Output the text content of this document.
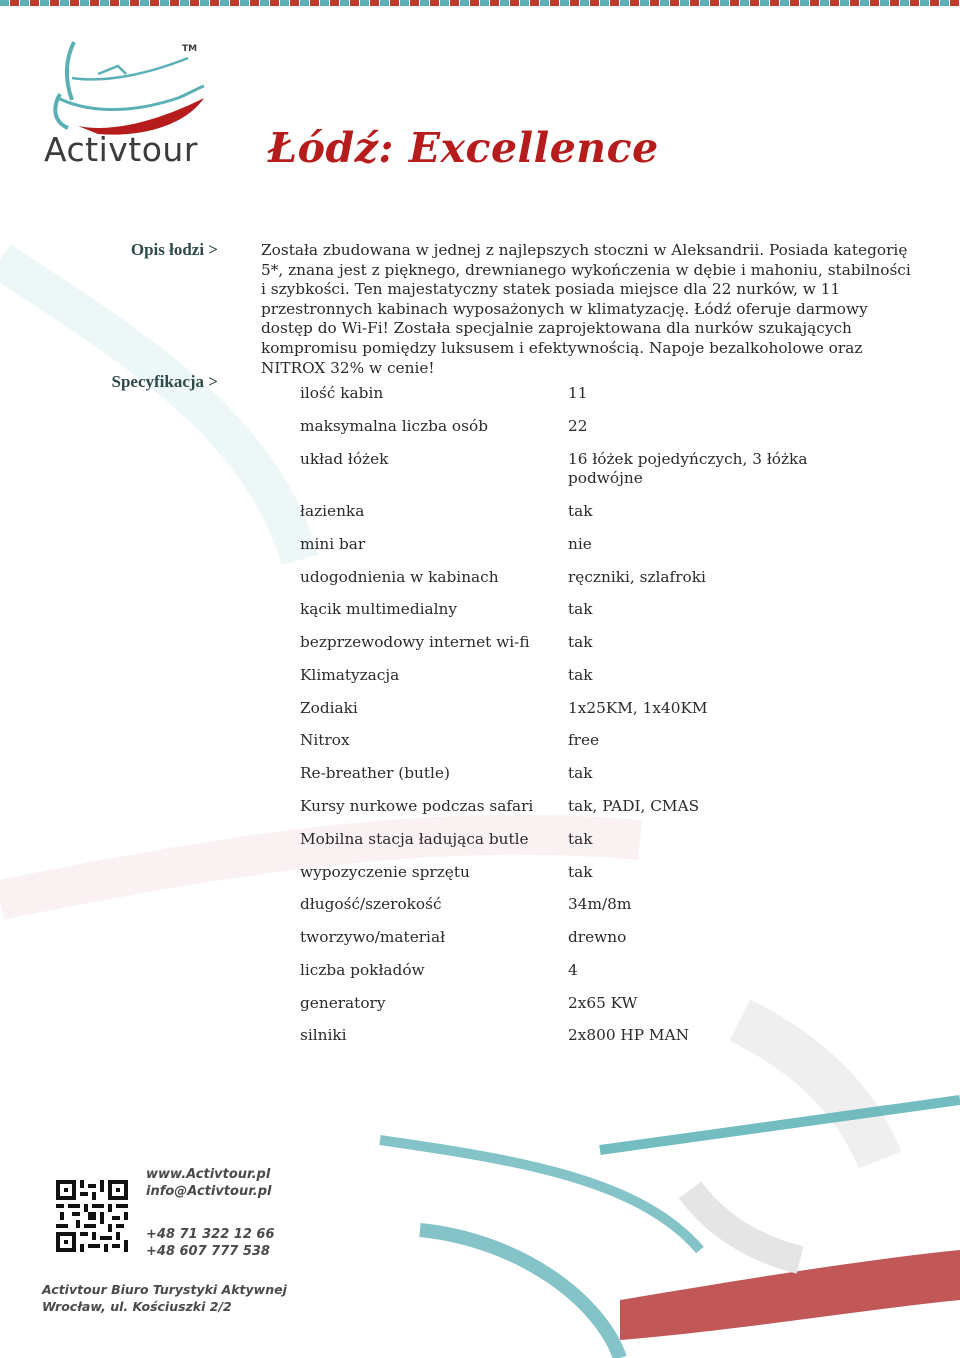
TM
Activtour Łódź: Excellence
Opis łodzi >	Została zbudowana w jednej z najlepszych stoczni w Aleksandrii. Posiada kategorię 5*, znana jest z pięknego, drewnianego wykończenia w dębie i mahoniu, stabilności i szybkości. Ten majestatyczny statek posiada miejsce dla 22 nurków, w 11 przestronnych kabinach wyposażonych w klimatyzację. Łódź oferuje darmowy dostęp do Wi-Fi! Została specjalnie zaprojektowana dla nurków szukających kompromisu pomiędzy luksusem i efektywnością. Napoje bezalkoholowe oraz NITROX 32% w cenie!

Specyfikacja >
ilość kabin	11
maksymalna liczba osób	22
układ łóżek	16 łóżek pojedyńczych, 3 łóżka podwójne
łazienka	tak
mini bar	nie
udogodnienia w kabinach	ręczniki, szlafroki
kącik multimedialny	tak
bezprzewodowy internet wi-fi	tak
Klimatyzacja	tak
Zodiaki	1x25KM, 1x40KM
Nitrox	free
Re-breather (butle)	tak
Kursy nurkowe podczas safari	tak, PADI, CMAS
Mobilna stacja ładująca butle	tak
wypozyczenie sprzętu	tak
długość/szerokość	34m/8m
tworzywo/materiał	drewno
liczba pokładów	4
generatory	2x65 KW
silniki	2x800 HP MAN
www.Activtour.pl
info@Activtour.pl
+48 71 322 12 66
+48 607 777 538
Activtour Biuro Turystyki Aktywnej
Wrocław, ul. Kościuszki 2/2
